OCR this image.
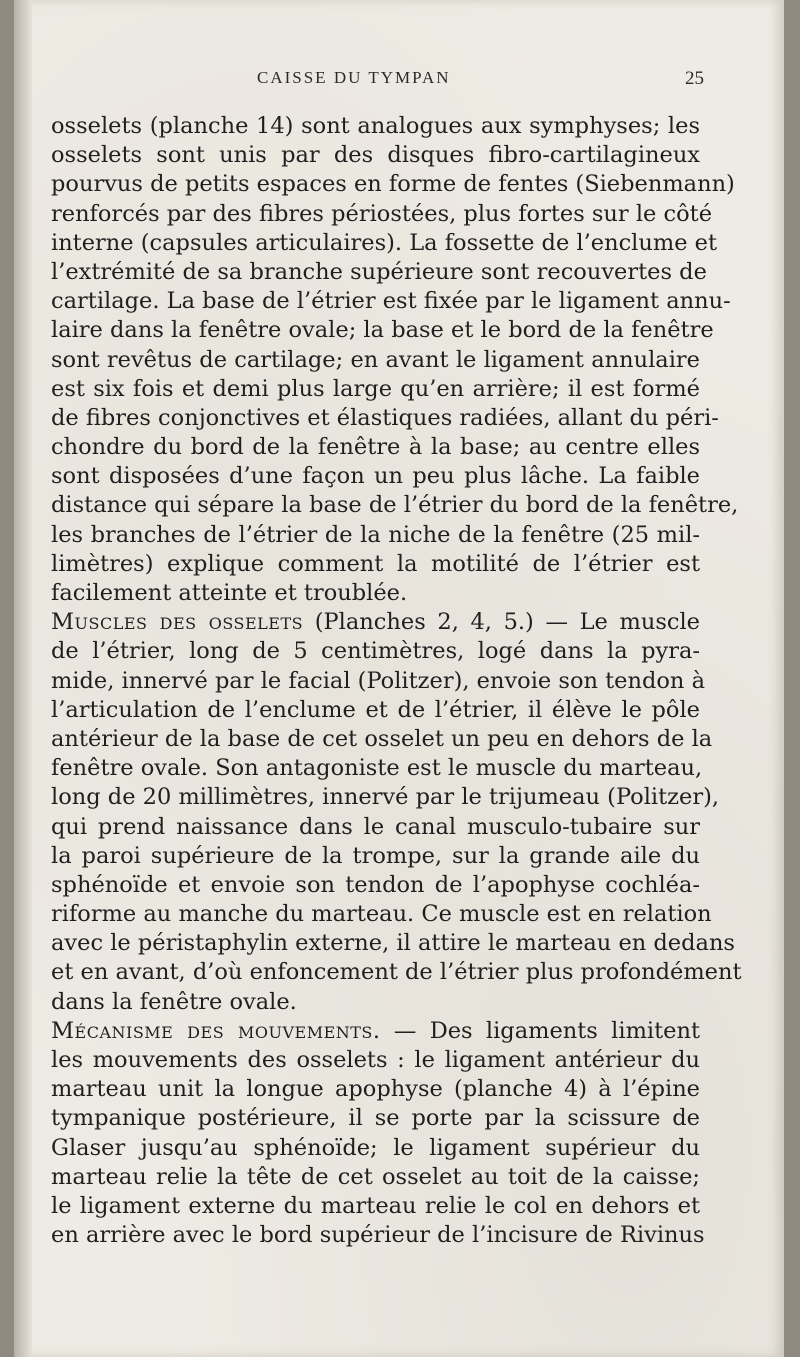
CAISSE DU TYMPAN	25
osselets (planche 14) sont analogues aux symphyses; les
osselets sont unis par des disques fibro-cartilagineux
pourvus de petits espaces en forme de fentes (Siebenmann)
renforcés par des fibres périostées, plus fortes sur le côté
interne (capsules articulaires). La fossette de l’enclume et
l’extrémité de sa branche supérieure sont recouvertes de
cartilage. La base de l’étrier est fixée par le ligament annu-
laire dans la fenêtre ovale; la base et le bord de la fenêtre
sont revêtus de cartilage; en avant le ligament annulaire
est six fois et demi plus large qu’en arrière; il est formé
de fibres conjonctives et élastiques radiées, allant du péri-
chondre du bord de la fenêtre à la base; au centre elles
sont disposées d’une façon un peu plus lâche. La faible
distance qui sépare la base de l’étrier du bord de la fenêtre,
les branches de l’étrier de la niche de la fenêtre (25 mil-
limètres) explique comment la motilité de l’étrier est
facilement atteinte et troublée.
Muscles des osselets (Planches 2, 4, 5.) — Le muscle
de l’étrier, long de 5 centimètres, logé dans la pyra-
mide, innervé par le facial (Politzer), envoie son tendon à
l’articulation de l’enclume et de l’étrier, il élève le pôle
antérieur de la base de cet osselet un peu en dehors de la
fenêtre ovale. Son antagoniste est le muscle du marteau,
long de 20 millimètres, innervé par le trijumeau (Politzer),
qui prend naissance dans le canal musculo-tubaire sur
la paroi supérieure de la trompe, sur la grande aile du
sphénoïde et envoie son tendon de l’apophyse cochléa-
riforme au manche du marteau. Ce muscle est en relation
avec le péristaphylin externe, il attire le marteau en dedans
et en avant, d’où enfoncement de l’étrier plus profondément
dans la fenêtre ovale.
Mécanisme des mouvements. — Des ligaments limitent
les mouvements des osselets : le ligament antérieur du
marteau unit la longue apophyse (planche 4) à l’épine
tympanique postérieure, il se porte par la scissure de
Glaser jusqu’au sphénoïde; le ligament supérieur du
marteau relie la tête de cet osselet au toit de la caisse;
le ligament externe du marteau relie le col en dehors et
en arrière avec le bord supérieur de l’incisure de Rivinus
